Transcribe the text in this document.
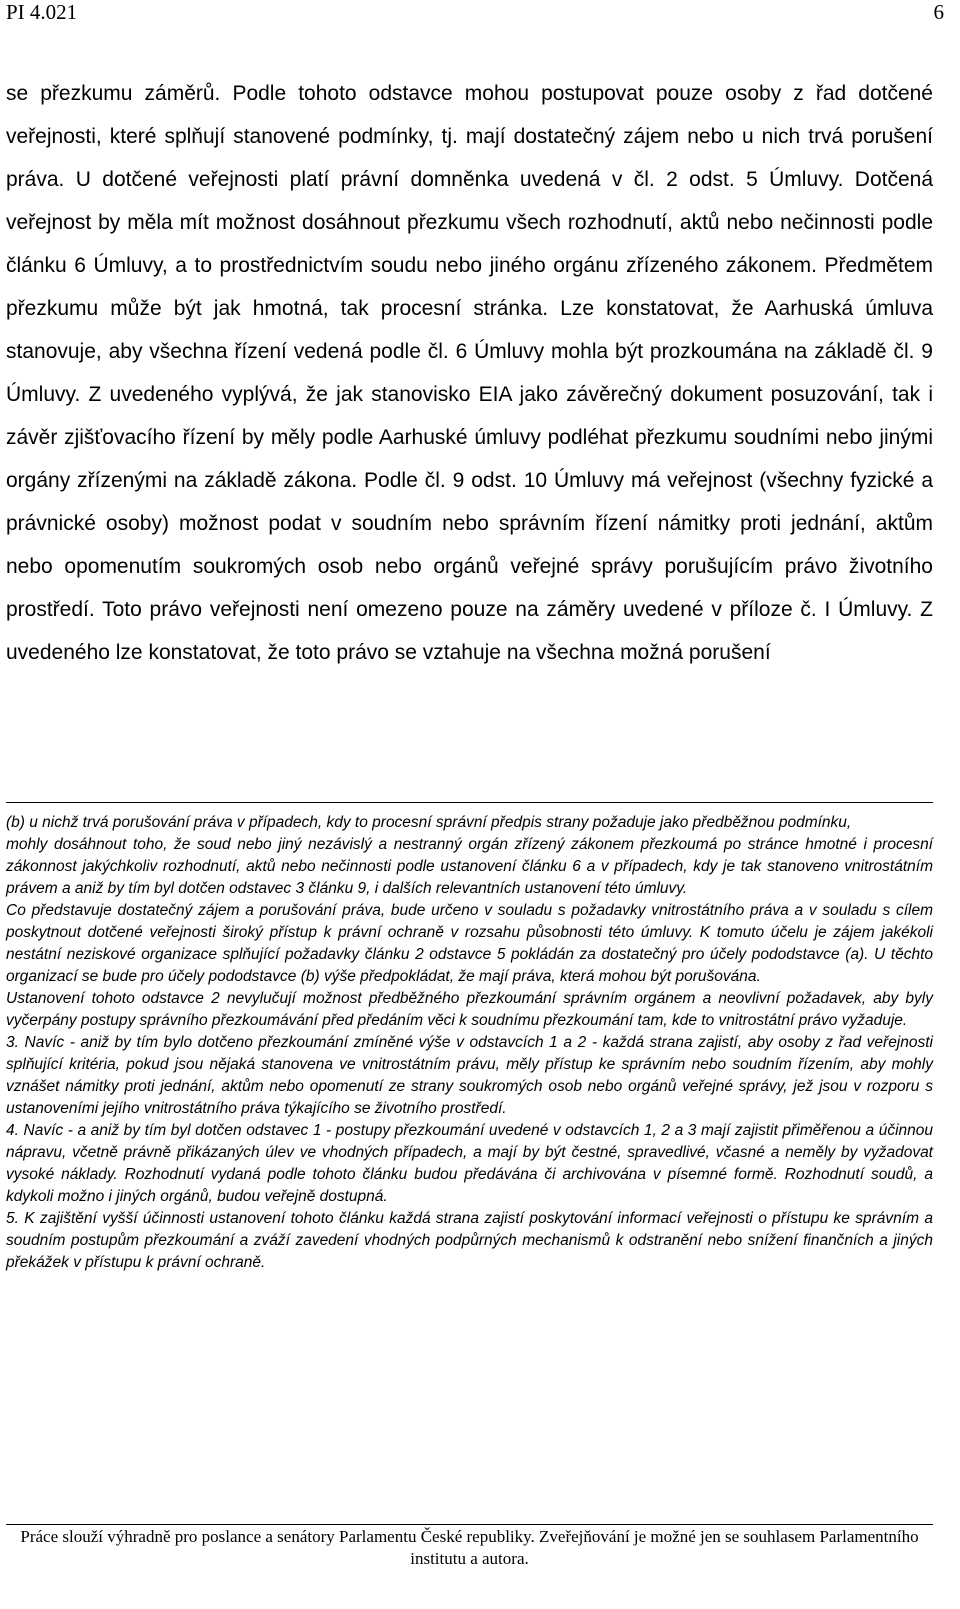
PI 4.021	6

se přezkumu záměrů. Podle tohoto odstavce mohou postupovat pouze osoby z řad dotčené veřejnosti, které splňují stanovené podmínky, tj. mají dostatečný zájem nebo u nich trvá porušení práva. U dotčené veřejnosti platí právní domněnka uvedená v čl. 2 odst. 5 Úmluvy. Dotčená veřejnost by měla mít možnost dosáhnout přezkumu všech rozhodnutí, aktů nebo nečinnosti podle článku 6 Úmluvy, a to prostřednictvím soudu nebo jiného orgánu zřízeného zákonem. Předmětem přezkumu může být jak hmotná, tak procesní stránka. Lze konstatovat, že Aarhuská úmluva stanovuje, aby všechna řízení vedená podle čl. 6 Úmluvy mohla být prozkoumána na základě čl. 9 Úmluvy. Z uvedeného vyplývá, že jak stanovisko EIA jako závěrečný dokument posuzování, tak i závěr zjišťovacího řízení by měly podle Aarhuské úmluvy podléhat přezkumu soudními nebo jinými orgány zřízenými na základě zákona. Podle čl. 9 odst. 10 Úmluvy má veřejnost (všechny fyzické a právnické osoby) možnost podat v soudním nebo správním řízení námitky proti jednání, aktům nebo opomenutím soukromých osob nebo orgánů veřejné správy porušujícím právo životního prostředí. Toto právo veřejnosti není omezeno pouze na záměry uvedené v příloze č. I Úmluvy. Z uvedeného lze konstatovat, že toto právo se vztahuje na všechna možná porušení

(b) u nichž trvá porušování práva v případech, kdy to procesní správní předpis strany požaduje jako předběžnou podmínku,

mohly dosáhnout toho, že soud nebo jiný nezávislý a nestranný orgán zřízený zákonem přezkoumá po stránce hmotné i procesní zákonnost jakýchkoliv rozhodnutí, aktů nebo nečinnosti podle ustanovení článku 6 a v případech, kdy je tak stanoveno vnitrostátním právem a aniž by tím byl dotčen odstavec 3 článku 9, i dalších relevantních ustanovení této úmluvy.

Co představuje dostatečný zájem a porušování práva, bude určeno v souladu s požadavky vnitrostátního práva a v souladu s cílem poskytnout dotčené veřejnosti široký přístup k právní ochraně v rozsahu působnosti této úmluvy. K tomuto účelu je zájem jakékoli nestátní neziskové organizace splňující požadavky článku 2 odstavce 5 pokládán za dostatečný pro účely pododstavce (a). U těchto organizací se bude pro účely pododstavce (b) výše předpokládat, že mají práva, která mohou být porušována.

Ustanovení tohoto odstavce 2 nevylučují možnost předběžného přezkoumání správním orgánem a neovlivní požadavek, aby byly vyčerpány postupy správního přezkoumávání před předáním věci k soudnímu přezkoumání tam, kde to vnitrostátní právo vyžaduje.

3. Navíc - aniž by tím bylo dotčeno přezkoumání zmíněné výše v odstavcích 1 a 2 - každá strana zajistí, aby osoby z řad veřejnosti splňující kritéria, pokud jsou nějaká stanovena ve vnitrostátním právu, měly přístup ke správním nebo soudním řízením, aby mohly vznášet námitky proti jednání, aktům nebo opomenutí ze strany soukromých osob nebo orgánů veřejné správy, jež jsou v rozporu s ustanoveními jejího vnitrostátního práva týkajícího se životního prostředí.

4. Navíc - a aniž by tím byl dotčen odstavec 1 - postupy přezkoumání uvedené v odstavcích 1, 2 a 3 mají zajistit přiměřenou a účinnou nápravu, včetně právně přikázaných úlev ve vhodných případech, a mají by být čestné, spravedlivé, včasné a neměly by vyžadovat vysoké náklady. Rozhodnutí vydaná podle tohoto článku budou předávána či archivována v písemné formě. Rozhodnutí soudů, a kdykoli možno i jiných orgánů, budou veřejně dostupná.

5. K zajištění vyšší účinnosti ustanovení tohoto článku každá strana zajistí poskytování informací veřejnosti o přístupu ke správním a soudním postupům přezkoumání a zváží zavedení vhodných podpůrných mechanismů k odstranění nebo snížení finančních a jiných překážek v přístupu k právní ochraně.

Práce slouží výhradně pro poslance a senátory Parlamentu České republiky. Zveřejňování je možné jen se souhlasem Parlamentního institutu a autora.
